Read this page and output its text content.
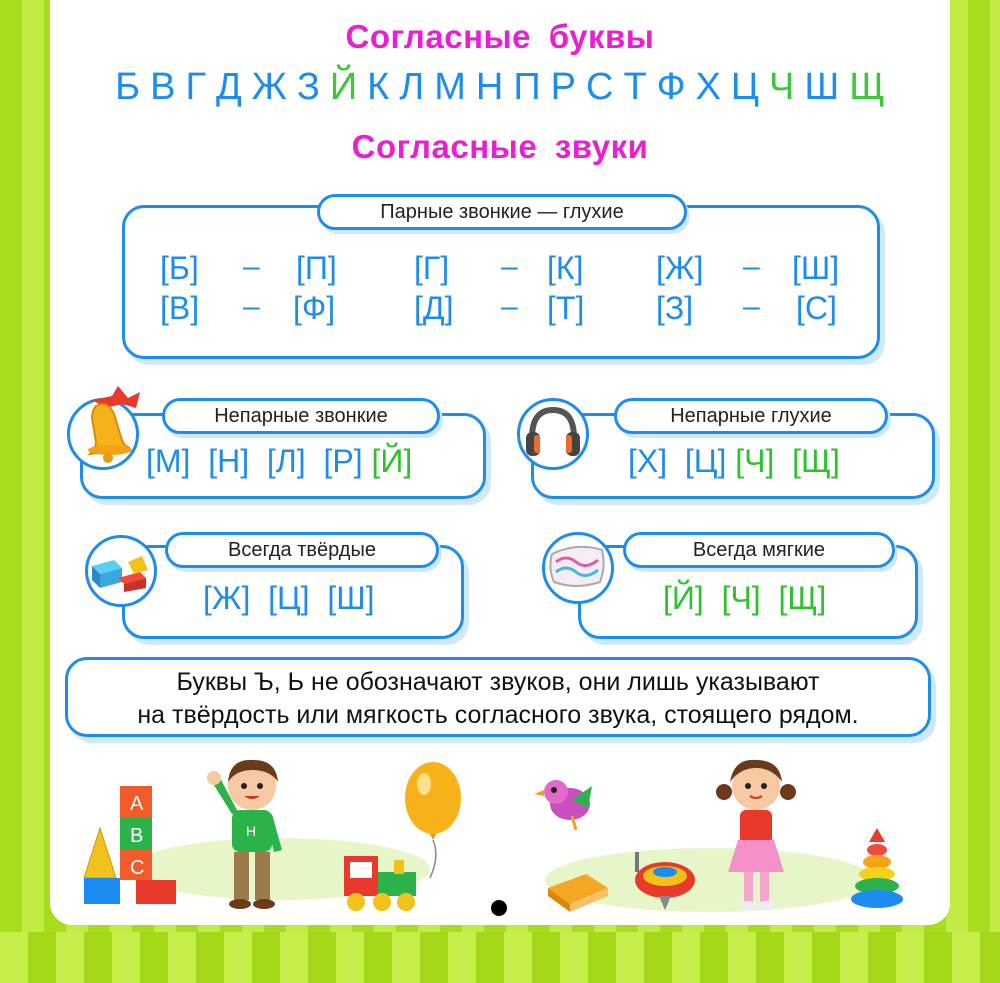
Согласные буквы
Б В Г Д Ж З Й К Л М Н П Р С Т Ф Х Ц Ч Ш Щ
Согласные звуки
Парные звонкие — глухие
[Б] – [П] [Г] – [К] [Ж] – [Ш]
[В] – [Ф] [Д] – [Т] [З] – [С]
Непарные звонкие
[М]  [Н]  [Л]  [Р] [Й]
Непарные глухие
[Х]  [Ц] [Ч]  [Щ]
Всегда твёрдые
[Ж]  [Ц]  [Ш]
Всегда мягкие
[Й]  [Ч]  [Щ]
Буквы Ъ, Ь не обозначают звуков, они лишь указывают
на твёрдость или мягкость согласного звука, стоящего рядом.
А
В
С
Н
